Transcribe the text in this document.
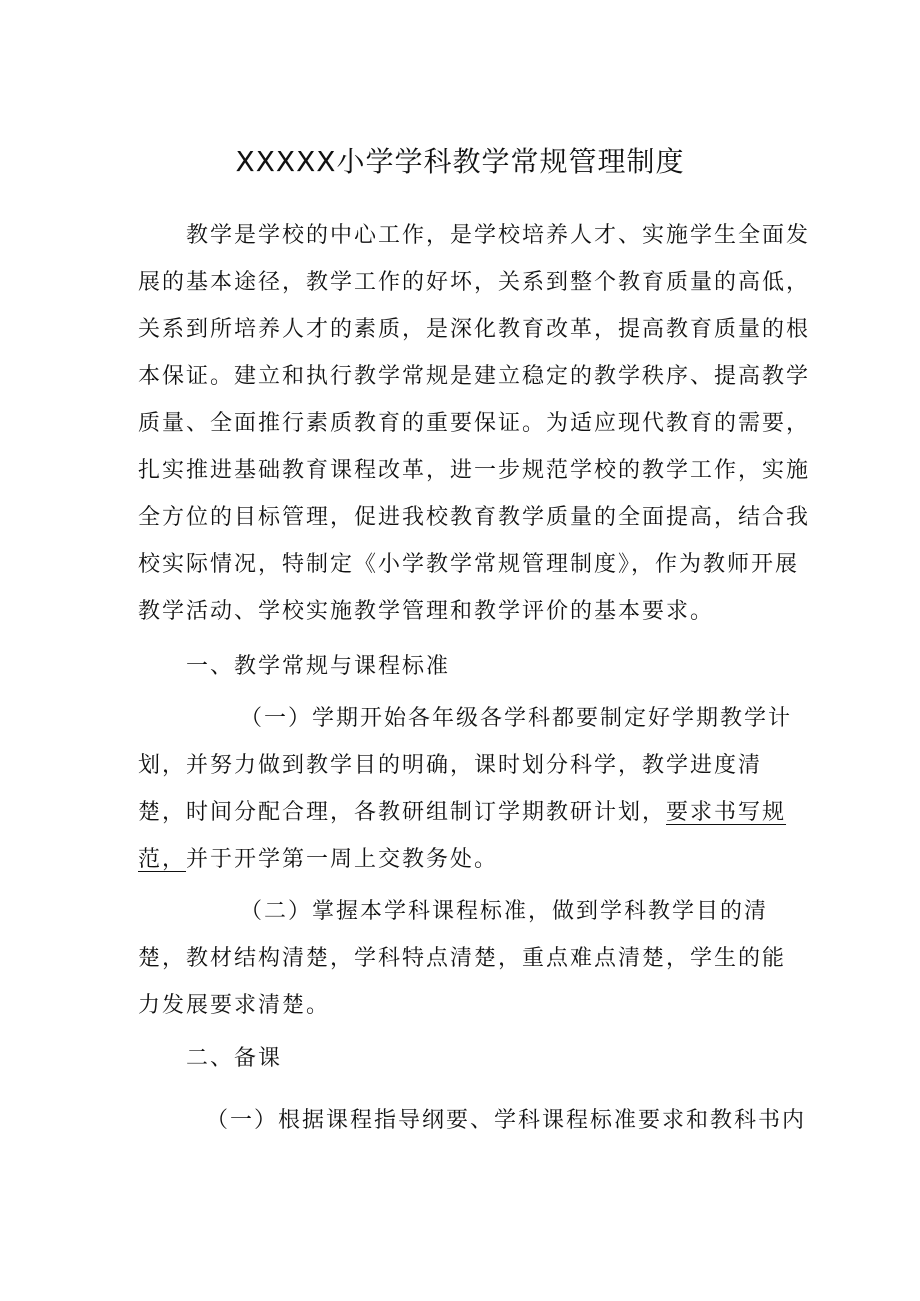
XXXXX小学学科教学常规管理制度

教学是学校的中心工作，是学校培养人才、实施学生全面发

展的基本途径，教学工作的好坏，关系到整个教育质量的高低，

关系到所培养人才的素质，是深化教育改革，提高教育质量的根

本保证。建立和执行教学常规是建立稳定的教学秩序、提高教学

质量、全面推行素质教育的重要保证。为适应现代教育的需要，

扎实推进基础教育课程改革，进一步规范学校的教学工作，实施

全方位的目标管理，促进我校教育教学质量的全面提高，结合我

校实际情况，特制定《小学教学常规管理制度》，作为教师开展

教学活动、学校实施教学管理和教学评价的基本要求。

一、教学常规与课程标准

（一）学期开始各年级各学科都要制定好学期教学计

划，并努力做到教学目的明确，课时划分科学，教学进度清

楚，时间分配合理，各教研组制订学期教研计划，要求书写规

范，并于开学第一周上交教务处。

（二）掌握本学科课程标准，做到学科教学目的清

楚，教材结构清楚，学科特点清楚，重点难点清楚，学生的能

力发展要求清楚。

二、备课

（一）根据课程指导纲要、学科课程标准要求和教科书内
